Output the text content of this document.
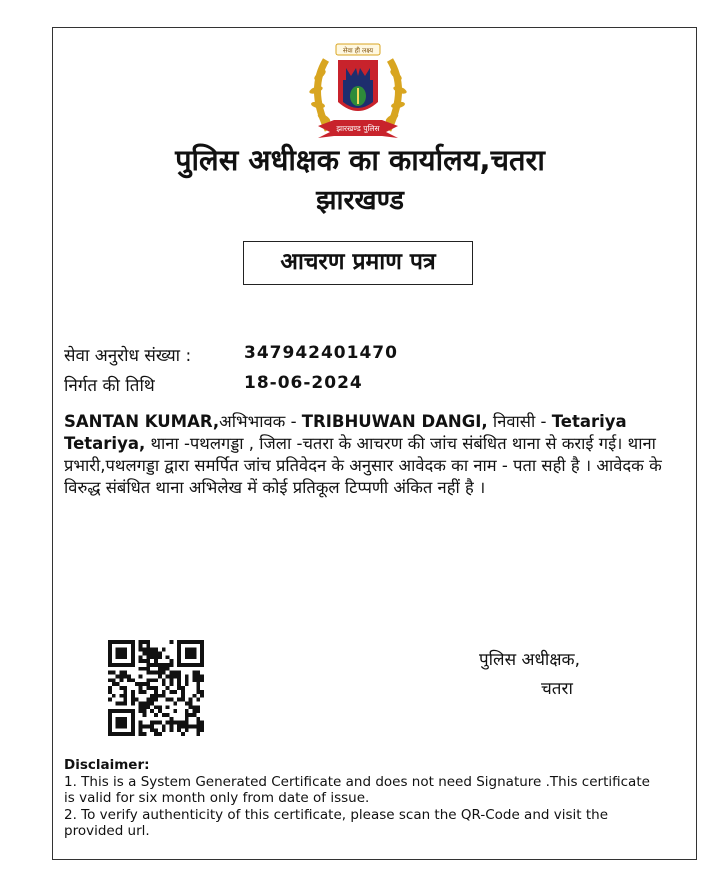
सेवा ही लक्ष्य
झारखण्ड पुलिस
पुलिस अधीक्षक का कार्यालय,चतरा
झारखण्ड
आचरण प्रमाण पत्र
सेवा अनुरोध संख्या :	347942401470
निर्गत की तिथि	18-06-2024
SANTAN KUMAR,अभिभावक - TRIBHUWAN DANGI, निवासी - Tetariya Tetariya, थाना -पथलगड्डा , जिला -चतरा के आचरण की जांच संबंधित थाना से कराई गई। थाना प्रभारी,पथलगड्डा द्वारा समर्पित जांच प्रतिवेदन के अनुसार आवेदक का नाम - पता सही है । आवेदक के विरुद्ध संबंधित थाना अभिलेख में कोई प्रतिकूल टिप्पणी अंकित नहीं है ।
पुलिस अधीक्षक,
चतरा
Disclaimer:
1. This is a System Generated Certificate and does not need Signature .This certificate is valid for six month only from date of issue.
2. To verify authenticity of this certificate, please scan the QR-Code and visit the provided url.
